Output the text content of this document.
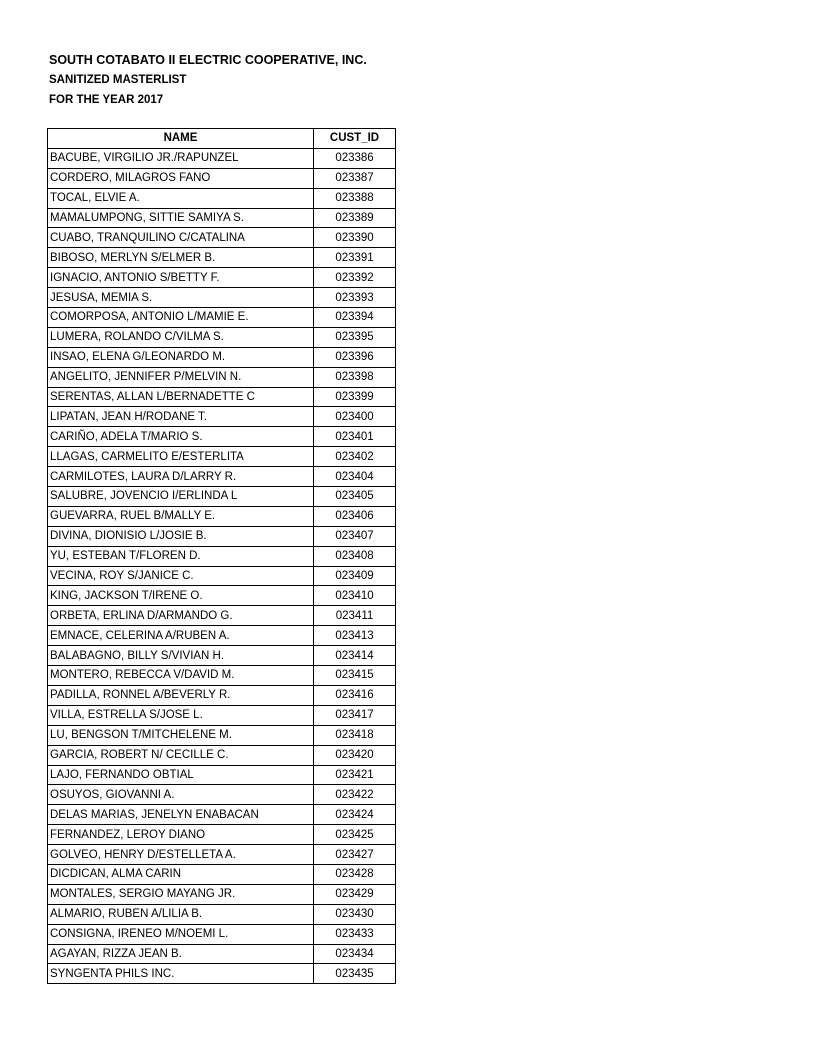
SOUTH COTABATO II ELECTRIC COOPERATIVE, INC.
SANITIZED MASTERLIST
FOR THE YEAR 2017
NAME	CUST_ID
BACUBE, VIRGILIO JR./RAPUNZEL	023386
CORDERO, MILAGROS FANO	023387
TOCAL, ELVIE A.	023388
MAMALUMPONG, SITTIE SAMIYA S.	023389
CUABO, TRANQUILINO C/CATALINA	023390
BIBOSO, MERLYN S/ELMER B.	023391
IGNACIO, ANTONIO S/BETTY F.	023392
JESUSA, MEMIA S.	023393
COMORPOSA, ANTONIO L/MAMIE E.	023394
LUMERA, ROLANDO C/VILMA S.	023395
INSAO, ELENA G/LEONARDO M.	023396
ANGELITO, JENNIFER P/MELVIN N.	023398
SERENTAS, ALLAN L/BERNADETTE C	023399
LIPATAN, JEAN H/RODANE T.	023400
CARIÑO, ADELA T/MARIO S.	023401
LLAGAS, CARMELITO E/ESTERLITA	023402
CARMILOTES, LAURA D/LARRY R.	023404
SALUBRE, JOVENCIO I/ERLINDA L	023405
GUEVARRA, RUEL B/MALLY E.	023406
DIVINA, DIONISIO L/JOSIE B.	023407
YU, ESTEBAN T/FLOREN D.	023408
VECINA, ROY S/JANICE C.	023409
KING, JACKSON T/IRENE O.	023410
ORBETA, ERLINA D/ARMANDO G.	023411
EMNACE, CELERINA A/RUBEN A.	023413
BALABAGNO, BILLY S/VIVIAN H.	023414
MONTERO, REBECCA V/DAVID M.	023415
PADILLA, RONNEL A/BEVERLY R.	023416
VILLA, ESTRELLA S/JOSE L.	023417
LU, BENGSON T/MITCHELENE M.	023418
GARCIA, ROBERT N/ CECILLE C.	023420
LAJO, FERNANDO OBTIAL	023421
OSUYOS, GIOVANNI A.	023422
DELAS MARIAS, JENELYN ENABACAN	023424
FERNANDEZ, LEROY DIANO	023425
GOLVEO, HENRY D/ESTELLETA A.	023427
DICDICAN, ALMA CARIN	023428
MONTALES, SERGIO MAYANG JR.	023429
ALMARIO, RUBEN A/LILIA B.	023430
CONSIGNA, IRENEO M/NOEMI L.	023433
AGAYAN, RIZZA JEAN B.	023434
SYNGENTA PHILS INC.	023435
